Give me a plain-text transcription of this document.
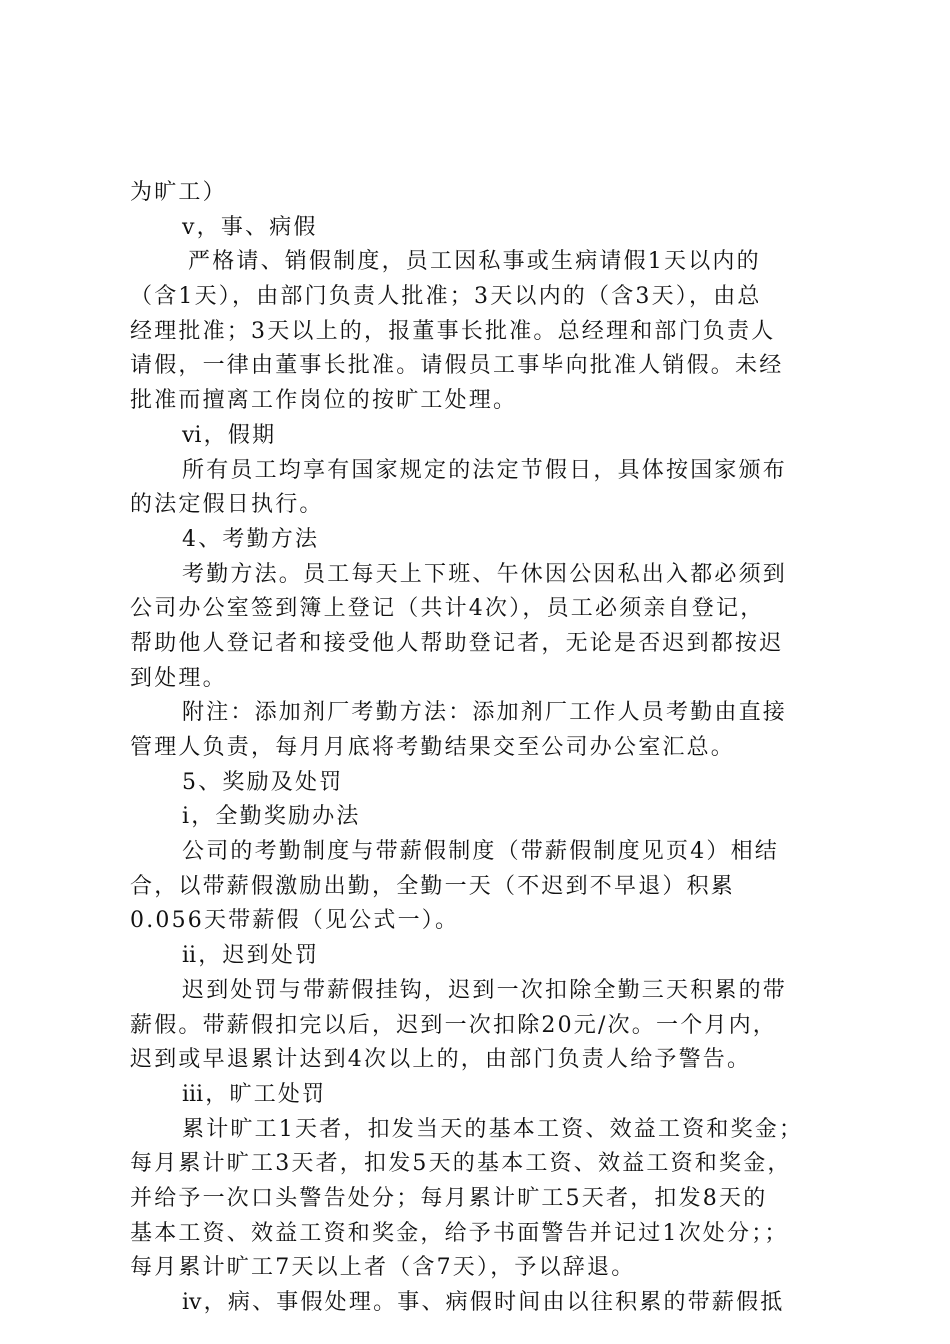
为旷工）
ⅴ，事、病假
严格请、销假制度，员工因私事或生病请假1天以内的
（含1天），由部门负责人批准；3天以内的（含3天），由总
经理批准；3天以上的，报董事长批准。总经理和部门负责人
请假，一律由董事长批准。请假员工事毕向批准人销假。未经
批准而擅离工作岗位的按旷工处理。
ⅵ，假期
所有员工均享有国家规定的法定节假日，具体按国家颁布
的法定假日执行。
4、考勤方法
考勤方法。员工每天上下班、午休因公因私出入都必须到
公司办公室签到簿上登记（共计4次），员工必须亲自登记，
帮助他人登记者和接受他人帮助登记者，无论是否迟到都按迟
到处理。
附注：添加剂厂考勤方法：添加剂厂工作人员考勤由直接
管理人负责，每月月底将考勤结果交至公司办公室汇总。
5、奖励及处罚
ⅰ，全勤奖励办法
公司的考勤制度与带薪假制度（带薪假制度见页4）相结
合，以带薪假激励出勤，全勤一天（不迟到不早退）积累
0.056天带薪假（见公式一）。
ⅱ，迟到处罚
迟到处罚与带薪假挂钩，迟到一次扣除全勤三天积累的带
薪假。带薪假扣完以后，迟到一次扣除20元/次。一个月内，
迟到或早退累计达到4次以上的，由部门负责人给予警告。
ⅲ，旷工处罚
累计旷工1天者，扣发当天的基本工资、效益工资和奖金；
每月累计旷工3天者，扣发5天的基本工资、效益工资和奖金，
并给予一次口头警告处分；每月累计旷工5天者，扣发8天的
基本工资、效益工资和奖金，给予书面警告并记过1次处分；；
每月累计旷工7天以上者（含7天），予以辞退。
ⅳ，病、事假处理。事、病假时间由以往积累的带薪假抵
